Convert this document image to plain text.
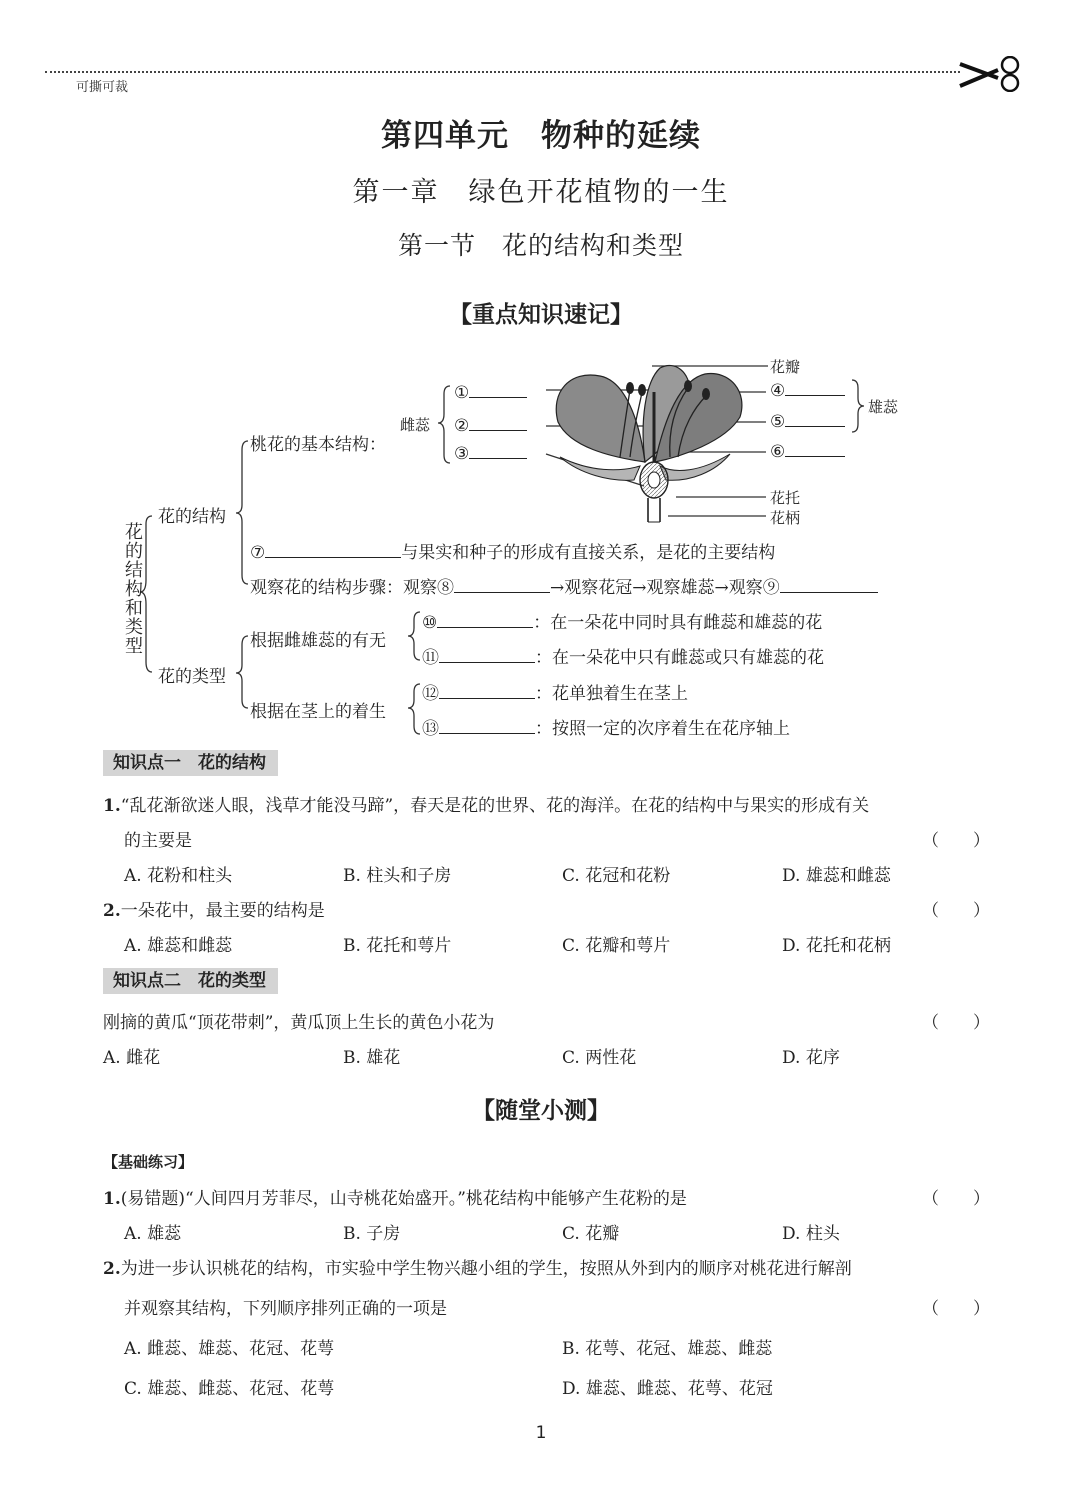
可撕可裁
第四单元　物种的延续
第一章　绿色开花植物的一生
第一节　花的结构和类型
【重点知识速记】
花的结构和类型
花的结构
花的类型
桃花的基本结构：
雌蕊
①
②
③
花瓣
④
⑤
⑥
雄蕊
花托
花柄
⑦	与果实和种子的形成有直接关系，是花的主要结构
观察花的结构步骤：观察⑧	→观察花冠→观察雄蕊→观察⑨
根据雌雄蕊的有无
根据在茎上的着生
⑩	：在一朵花中同时具有雌蕊和雄蕊的花
⑪	：在一朵花中只有雌蕊或只有雄蕊的花
⑫	：花单独着生在茎上
⑬	：按照一定的次序着生在花序轴上
知识点一　花的结构
1.“乱花渐欲迷人眼，浅草才能没马蹄”，春天是花的世界、花的海洋。在花的结构中与果实的形成有关
的主要是	（　　）
A. 花粉和柱头	B. 柱头和子房	C. 花冠和花粉	D. 雄蕊和雌蕊
2.一朵花中，最主要的结构是	（　　）
A. 雄蕊和雌蕊	B. 花托和萼片	C. 花瓣和萼片	D. 花托和花柄
知识点二　花的类型
刚摘的黄瓜“顶花带刺”，黄瓜顶上生长的黄色小花为	（　　）
A. 雌花	B. 雄花	C. 两性花	D. 花序
【随堂小测】
【基础练习】
1.(易错题)“人间四月芳菲尽，山寺桃花始盛开。”桃花结构中能够产生花粉的是	（　　）
A. 雄蕊	B. 子房	C. 花瓣	D. 柱头
2.为进一步认识桃花的结构，市实验中学生物兴趣小组的学生，按照从外到内的顺序对桃花进行解剖
并观察其结构，下列顺序排列正确的一项是	（　　）
A. 雌蕊、雄蕊、花冠、花萼	B. 花萼、花冠、雄蕊、雌蕊
C. 雄蕊、雌蕊、花冠、花萼	D. 雄蕊、雌蕊、花萼、花冠
1
